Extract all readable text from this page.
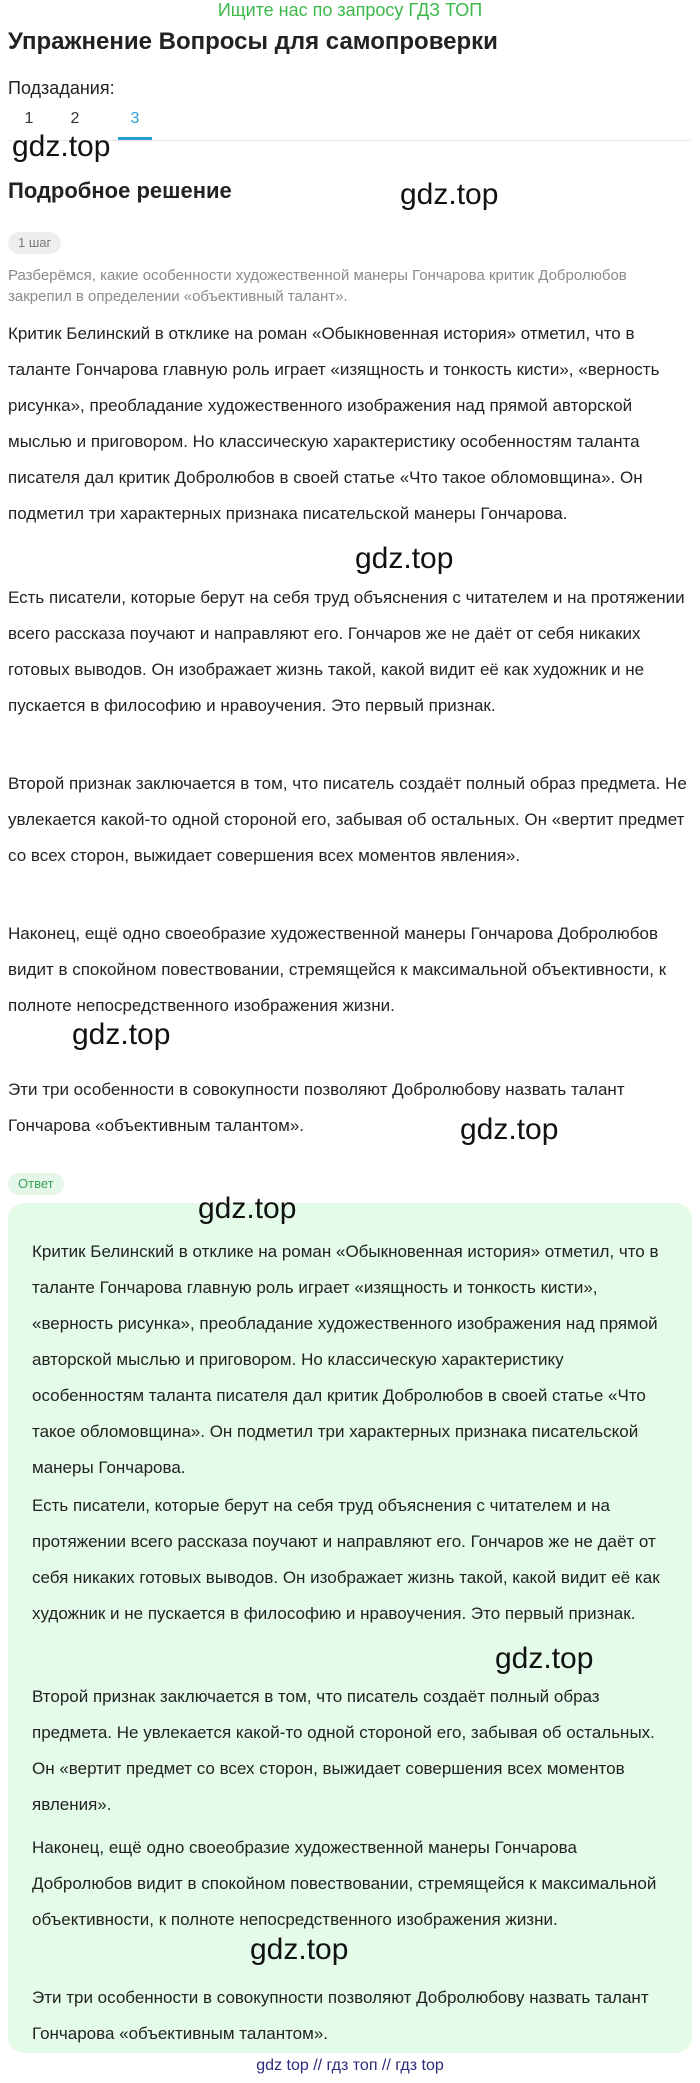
Ищите нас по запросу ГДЗ ТОП
Упражнение Вопросы для самопроверки
Подзадания:
1	2	3
gdz.top
Подробное решение	gdz.top
1 шаг
Разберёмся, какие особенности художественной манеры Гончарова критик Добролюбов закрепил в определении «объективный талант».
Критик Белинский в отклике на роман «Обыкновенная история» отметил, что в таланте Гончарова главную роль играет «изящность и тонкость кисти», «верность рисунка», преобладание художественного изображения над прямой авторской мыслью и приговором. Но классическую характеристику особенностям таланта писателя дал критик Добролюбов в своей статье «Что такое обломовщина». Он подметил три характерных признака писательской манеры Гончарова.
gdz.top
Есть писатели, которые берут на себя труд объяснения с читателем и на протяжении всего рассказа поучают и направляют его. Гончаров же не даёт от себя никаких готовых выводов. Он изображает жизнь такой, какой видит её как художник и не пускается в философию и нравоучения. Это первый признак.
Второй признак заключается в том, что писатель создаёт полный образ предмета. Не увлекается какой-то одной стороной его, забывая об остальных. Он «вертит предмет со всех сторон, выжидает совершения всех моментов явления».
Наконец, ещё одно своеобразие художественной манеры Гончарова Добролюбов видит в спокойном повествовании, стремящейся к максимальной объективности, к полноте непосредственного изображения жизни.
gdz.top
Эти три особенности в совокупности позволяют Добролюбову назвать талант Гончарова «объективным талантом».	gdz.top
Ответ
gdz.top
Критик Белинский в отклике на роман «Обыкновенная история» отметил, что в таланте Гончарова главную роль играет «изящность и тонкость кисти», «верность рисунка», преобладание художественного изображения над прямой авторской мыслью и приговором. Но классическую характеристику особенностям таланта писателя дал критик Добролюбов в своей статье «Что такое обломовщина». Он подметил три характерных признака писательской манеры Гончарова.
Есть писатели, которые берут на себя труд объяснения с читателем и на протяжении всего рассказа поучают и направляют его. Гончаров же не даёт от себя никаких готовых выводов. Он изображает жизнь такой, какой видит её как художник и не пускается в философию и нравоучения. Это первый признак.
gdz.top
Второй признак заключается в том, что писатель создаёт полный образ предмета. Не увлекается какой-то одной стороной его, забывая об остальных. Он «вертит предмет со всех сторон, выжидает совершения всех моментов явления».
Наконец, ещё одно своеобразие художественной манеры Гончарова Добролюбов видит в спокойном повествовании, стремящейся к максимальной объективности, к полноте непосредственного изображения жизни.
gdz.top
Эти три особенности в совокупности позволяют Добролюбову назвать талант Гончарова «объективным талантом».
gdz top // гдз топ // гдз top
